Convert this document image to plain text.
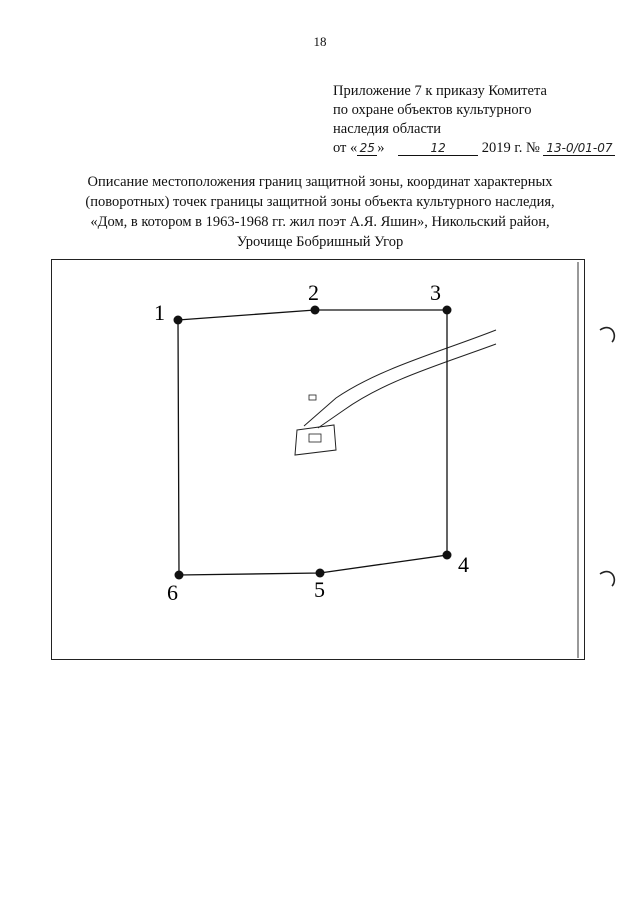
18
Приложение 7 к приказу Комитета
по охране объектов культурного
наследия области
от « 25 »	12 2019 г. № 13-0/01-07
Описание местоположения границ защитной зоны, координат характерных
(поворотных) точек границы защитной зоны объекта культурного наследия,
«Дом, в котором в 1963-1968 гг. жил поэт А.Я. Яшин», Никольский район,
Урочище Бобришный Угор
1
2	3
4
5
6
